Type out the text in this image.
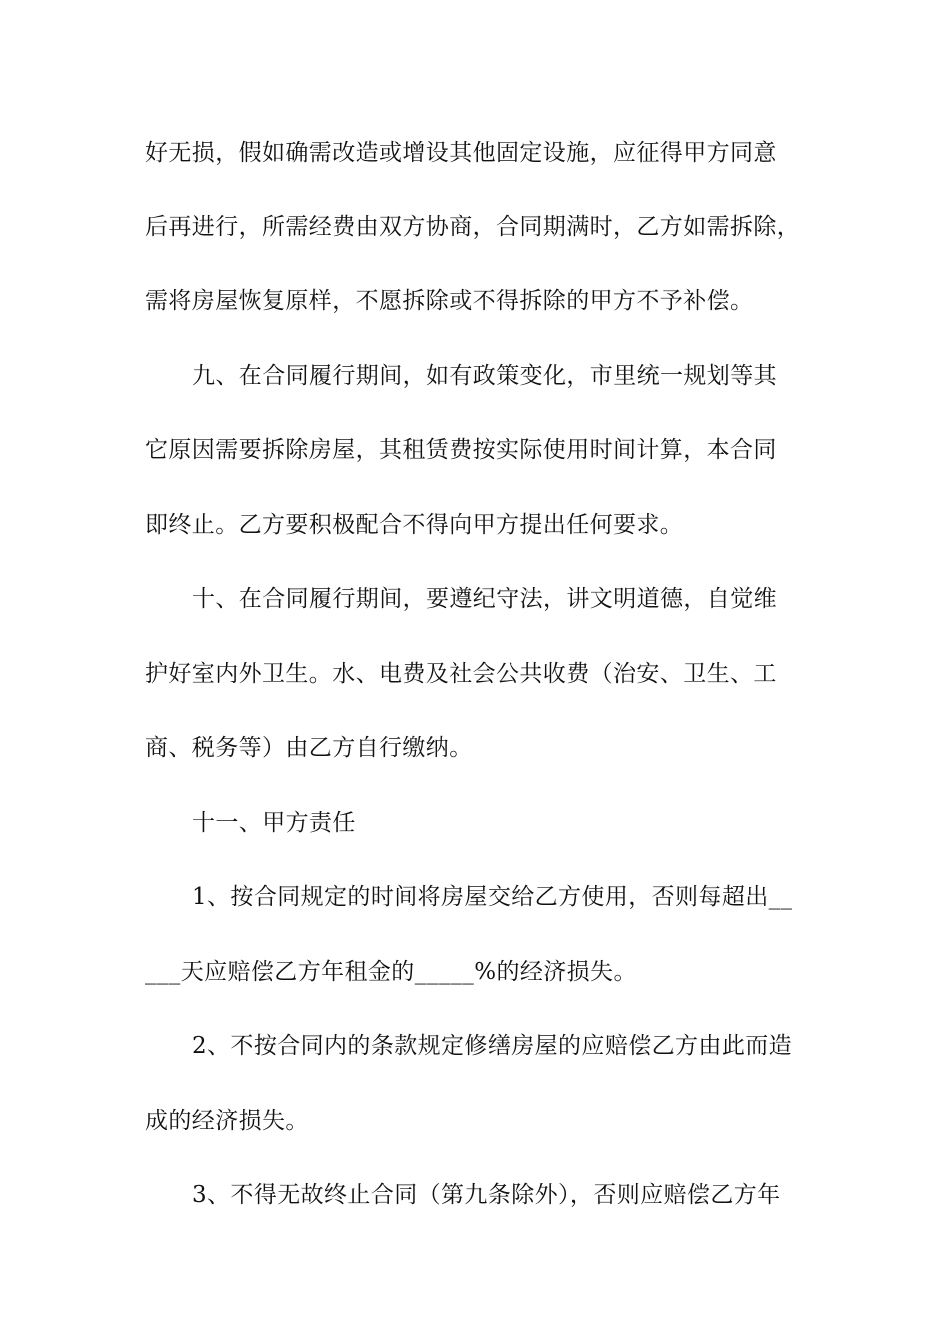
好无损，假如确需改造或增设其他固定设施，应征得甲方同意
后再进行，所需经费由双方协商，合同期满时，乙方如需拆除，
需将房屋恢复原样，不愿拆除或不得拆除的甲方不予补偿。
九、在合同履行期间，如有政策变化，市里统一规划等其
它原因需要拆除房屋，其租赁费按实际使用时间计算，本合同
即终止。乙方要积极配合不得向甲方提出任何要求。
十、在合同履行期间，要遵纪守法，讲文明道德，自觉维
护好室内外卫生。水、电费及社会公共收费（治安、卫生、工
商、税务等）由乙方自行缴纳。
十一、甲方责任
1、按合同规定的时间将房屋交给乙方使用，否则每超出__
___天应赔偿乙方年租金的_____%的经济损失。
2、不按合同内的条款规定修缮房屋的应赔偿乙方由此而造
成的经济损失。
3、不得无故终止合同（第九条除外），否则应赔偿乙方年
